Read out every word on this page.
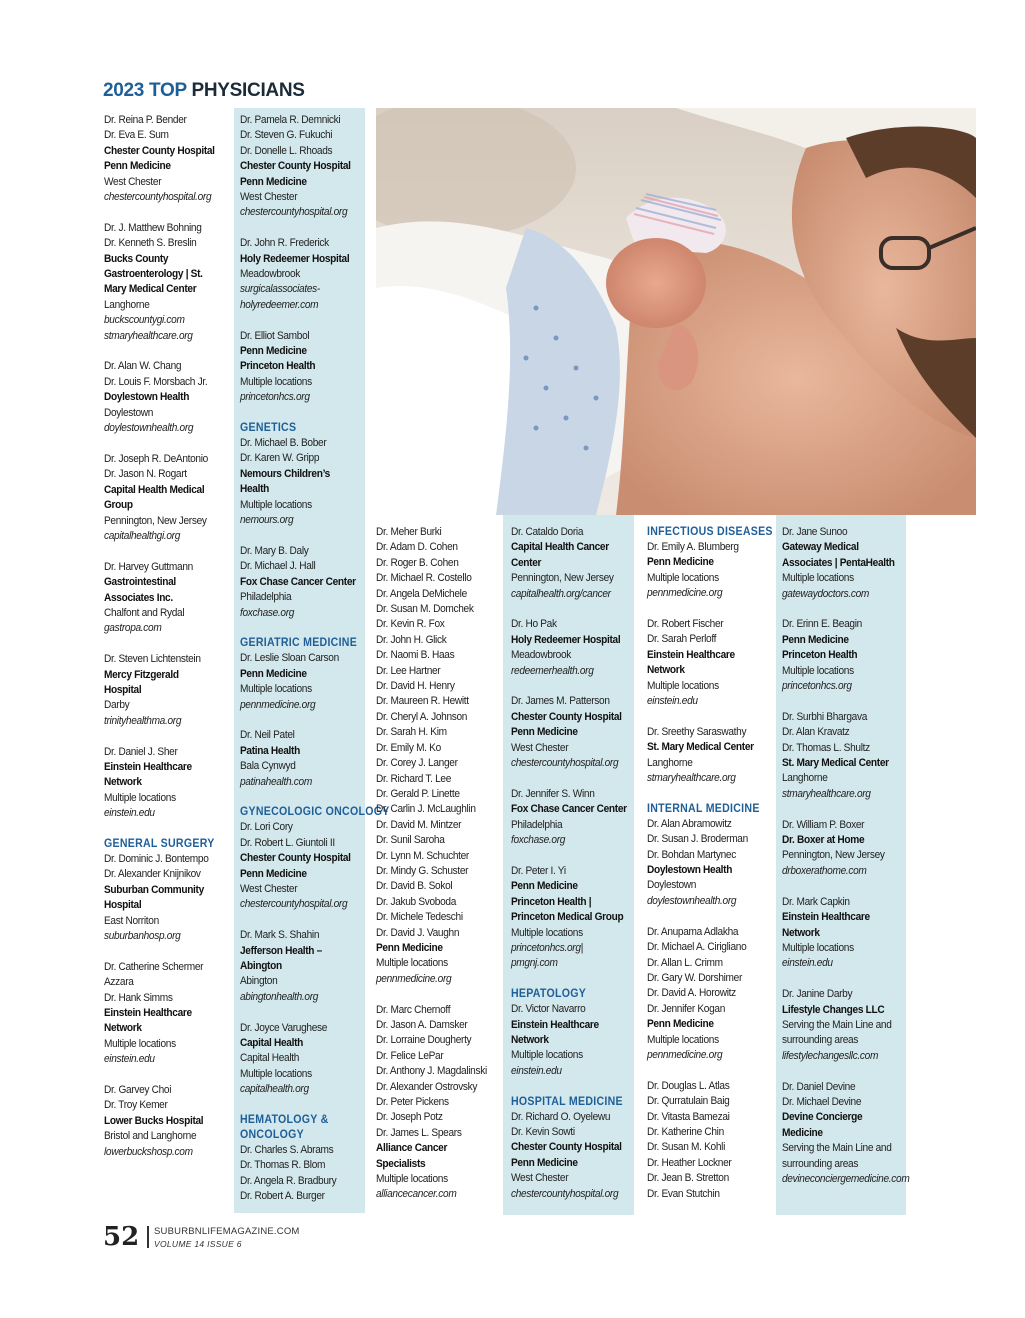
2023 TOP PHYSICIANS
Dr. Reina P. Bender
Dr. Eva E. Sum
Chester County Hospital
Penn Medicine
West Chester
chestercountyhospital.org
Dr. J. Matthew Bohning
Dr. Kenneth S. Breslin
Bucks County
Gastroenterology | St.
Mary Medical Center
Langhorne
buckscountygi.com
stmaryhealthcare.org
Dr. Alan W. Chang
Dr. Louis F. Morsbach Jr.
Doylestown Health
Doylestown
doylestownhealth.org
Dr. Joseph R. DeAntonio
Dr. Jason N. Rogart
Capital Health Medical
Group
Pennington, New Jersey
capitalhealthgi.org
Dr. Harvey Guttmann
Gastrointestinal
Associates Inc.
Chalfont and Rydal
gastropa.com
Dr. Steven Lichtenstein
Mercy Fitzgerald
Hospital
Darby
trinityhealthma.org
Dr. Daniel J. Sher
Einstein Healthcare
Network
Multiple locations
einstein.edu
GENERAL SURGERY
Dr. Dominic J. Bontempo
Dr. Alexander Knijnikov
Suburban Community
Hospital
East Norriton
suburbanhosp.org
Dr. Catherine Schermer
Azzara
Dr. Hank Simms
Einstein Healthcare
Network
Multiple locations
einstein.edu
Dr. Garvey Choi
Dr. Troy Kemer
Lower Bucks Hospital
Bristol and Langhorne
lowerbuckshosp.com
Dr. Pamela R. Demnicki
Dr. Steven G. Fukuchi
Dr. Donelle L. Rhoads
Chester County Hospital
Penn Medicine
West Chester
chestercountyhospital.org
Dr. John R. Frederick
Holy Redeemer Hospital
Meadowbrook
surgicalassociates-
holyredeemer.com
Dr. Elliot Sambol
Penn Medicine
Princeton Health
Multiple locations
princetonhcs.org
GENETICS
Dr. Michael B. Bober
Dr. Karen W. Gripp
Nemours Children’s
Health
Multiple locations
nemours.org
Dr. Mary B. Daly
Dr. Michael J. Hall
Fox Chase Cancer Center
Philadelphia
foxchase.org
GERIATRIC MEDICINE
Dr. Leslie Sloan Carson
Penn Medicine
Multiple locations
pennmedicine.org
Dr. Neil Patel
Patina Health
Bala Cynwyd
patinahealth.com
GYNECOLOGIC ONCOLOGY
Dr. Lori Cory
Dr. Robert L. Giuntoli II
Chester County Hospital
Penn Medicine
West Chester
chestercountyhospital.org
Dr. Mark S. Shahin
Jefferson Health –
Abington
Abington
abingtonhealth.org
Dr. Joyce Varughese
Capital Health
Capital Health
Multiple locations
capitalhealth.org
HEMATOLOGY &
ONCOLOGY
Dr. Charles S. Abrams
Dr. Thomas R. Blom
Dr. Angela R. Bradbury
Dr. Robert A. Burger
Dr. Meher Burki
Dr. Adam D. Cohen
Dr. Roger B. Cohen
Dr. Michael R. Costello
Dr. Angela DeMichele
Dr. Susan M. Domchek
Dr. Kevin R. Fox
Dr. John H. Glick
Dr. Naomi B. Haas
Dr. Lee Hartner
Dr. David H. Henry
Dr. Maureen R. Hewitt
Dr. Cheryl A. Johnson
Dr. Sarah H. Kim
Dr. Emily M. Ko
Dr. Corey J. Langer
Dr. Richard T. Lee
Dr. Gerald P. Linette
Dr. Carlin J. McLaughlin
Dr. David M. Mintzer
Dr. Sunil Saroha
Dr. Lynn M. Schuchter
Dr. Mindy G. Schuster
Dr. David B. Sokol
Dr. Jakub Svoboda
Dr. Michele Tedeschi
Dr. David J. Vaughn
Penn Medicine
Multiple locations
pennmedicine.org
Dr. Marc Chernoff
Dr. Jason A. Damsker
Dr. Lorraine Dougherty
Dr. Felice LePar
Dr. Anthony J. Magdalinski
Dr. Alexander Ostrovsky
Dr. Peter Pickens
Dr. Joseph Potz
Dr. James L. Spears
Alliance Cancer
Specialists
Multiple locations
alliancecancer.com
Dr. Cataldo Doria
Capital Health Cancer
Center
Pennington, New Jersey
capitalhealth.org/cancer
Dr. Ho Pak
Holy Redeemer Hospital
Meadowbrook
redeemerhealth.org
Dr. James M. Patterson
Chester County Hospital
Penn Medicine
West Chester
chestercountyhospital.org
Dr. Jennifer S. Winn
Fox Chase Cancer Center
Philadelphia
foxchase.org
Dr. Peter I. Yi
Penn Medicine
Princeton Health |
Princeton Medical Group
Multiple locations
princetonhcs.org|
pmgnj.com
HEPATOLOGY
Dr. Victor Navarro
Einstein Healthcare
Network
Multiple locations
einstein.edu
HOSPITAL MEDICINE
Dr. Richard O. Oyelewu
Dr. Kevin Sowti
Chester County Hospital
Penn Medicine
West Chester
chestercountyhospital.org
INFECTIOUS DISEASES
Dr. Emily A. Blumberg
Penn Medicine
Multiple locations
pennmedicine.org
Dr. Robert Fischer
Dr. Sarah Perloff
Einstein Healthcare
Network
Multiple locations
einstein.edu
Dr. Sreethy Saraswathy
St. Mary Medical Center
Langhorne
stmaryhealthcare.org
INTERNAL MEDICINE
Dr. Alan Abramowitz
Dr. Susan J. Broderman
Dr. Bohdan Martynec
Doylestown Health
Doylestown
doylestownhealth.org
Dr. Anupama Adlakha
Dr. Michael A. Cirigliano
Dr. Allan L. Crimm
Dr. Gary W. Dorshimer
Dr. David A. Horowitz
Dr. Jennifer Kogan
Penn Medicine
Multiple locations
pennmedicine.org
Dr. Douglas L. Atlas
Dr. Qurratulain Baig
Dr. Vitasta Bamezai
Dr. Katherine Chin
Dr. Susan M. Kohli
Dr. Heather Lockner
Dr. Jean B. Stretton
Dr. Evan Stutchin
Dr. Jane Sunoo
Gateway Medical
Associates | PentaHealth
Multiple locations
gatewaydoctors.com
Dr. Erinn E. Beagin
Penn Medicine
Princeton Health
Multiple locations
princetonhcs.org
Dr. Surbhi Bhargava
Dr. Alan Kravatz
Dr. Thomas L. Shultz
St. Mary Medical Center
Langhorne
stmaryhealthcare.org
Dr. William P. Boxer
Dr. Boxer at Home
Pennington, New Jersey
drboxerathome.com
Dr. Mark Capkin
Einstein Healthcare
Network
Multiple locations
einstein.edu
Dr. Janine Darby
Lifestyle Changes LLC
Serving the Main Line and
surrounding areas
lifestylechangesllc.com
Dr. Daniel Devine
Dr. Michael Devine
Devine Concierge
Medicine
Serving the Main Line and
surrounding areas
devineconciergemedicine.com
52 SUBURBNLIFEMAGAZINE.COM
VOLUME 14 ISSUE 6
